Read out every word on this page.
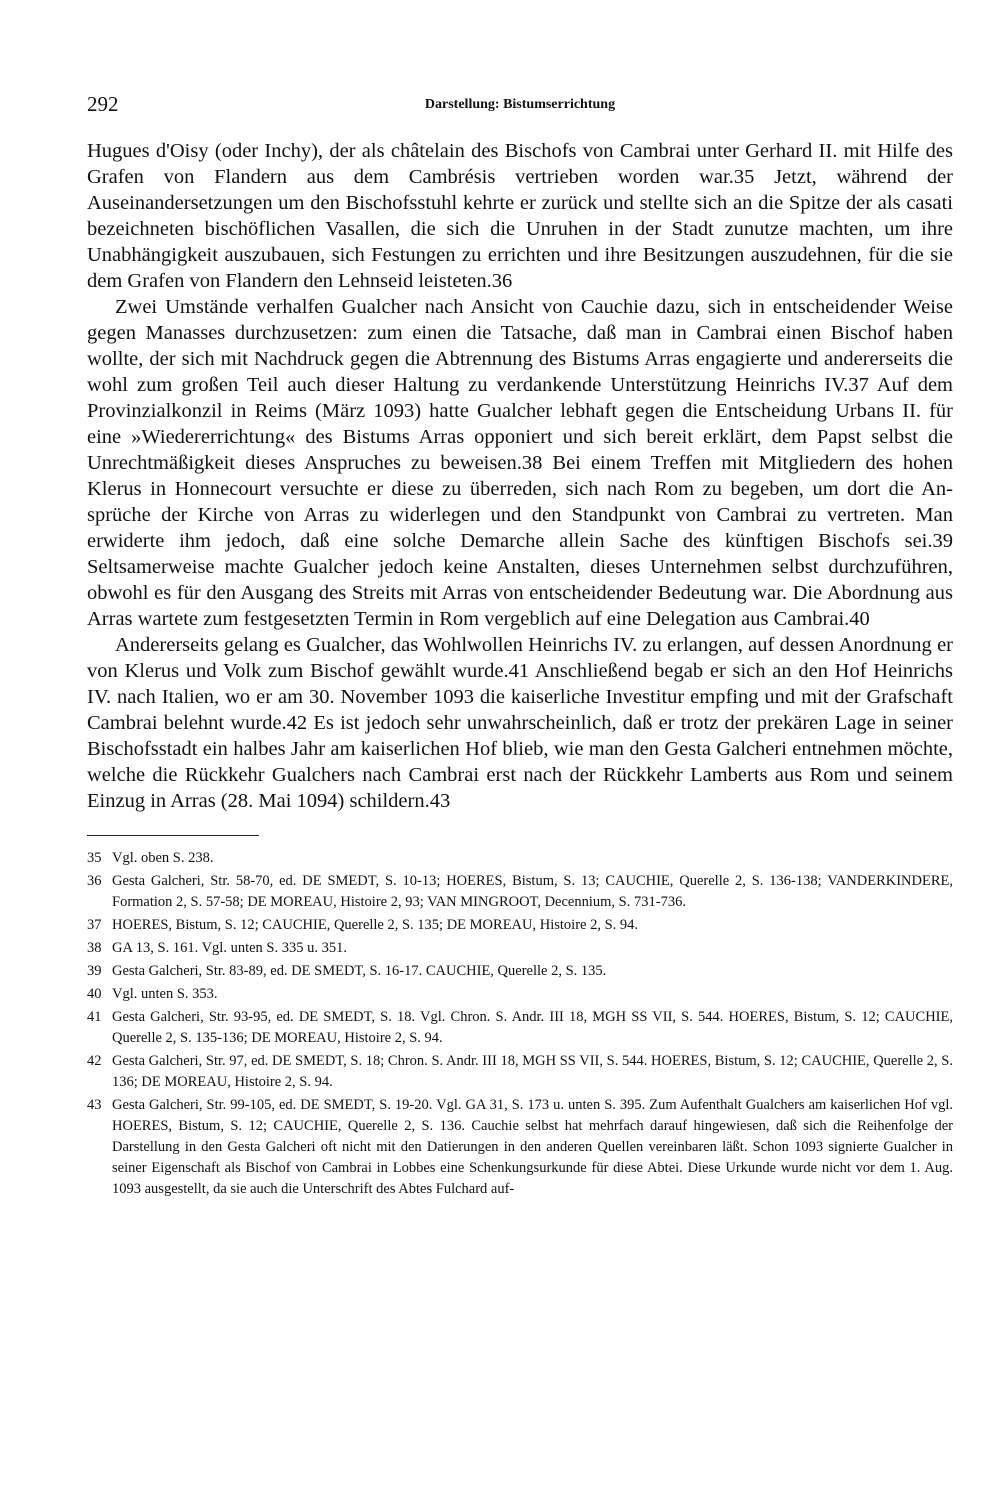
292	Darstellung: Bistumserrichtung

Hugues d'Oisy (oder Inchy), der als châtelain des Bischofs von Cambrai unter Gerhard II. mit Hilfe des Grafen von Flandern aus dem Cambrésis vertrieben worden war.35 Jetzt, während der Auseinandersetzungen um den Bischofsstuhl kehrte er zurück und stellte sich an die Spitze der als casati bezeichneten bischöflichen Vasallen, die sich die Unruhen in der Stadt zunutze machten, um ihre Unabhängigkeit auszubauen, sich Festungen zu errichten und ihre Besitzungen auszudehnen, für die sie dem Grafen von Flandern den Lehnseid leisteten.36

Zwei Umstände verhalfen Gualcher nach Ansicht von Cauchie dazu, sich in entscheidender Weise gegen Manasses durchzusetzen: zum einen die Tatsache, daß man in Cambrai einen Bischof haben wollte, der sich mit Nachdruck gegen die Abtrennung des Bistums Arras engagierte und andererseits die wohl zum großen Teil auch dieser Haltung zu verdankende Unterstützung Heinrichs IV.37 Auf dem Provinzialkonzil in Reims (März 1093) hatte Gualcher lebhaft gegen die Entscheidung Urbans II. für eine »Wiedererrichtung« des Bistums Arras opponiert und sich bereit erklärt, dem Papst selbst die Unrechtmäßigkeit dieses Anspruches zu beweisen.38 Bei einem Treffen mit Mitgliedern des hohen Klerus in Honnecourt versuchte er diese zu überreden, sich nach Rom zu begeben, um dort die Ansprüche der Kirche von Arras zu widerlegen und den Standpunkt von Cambrai zu vertreten. Man erwiderte ihm jedoch, daß eine solche Demarche allein Sache des künftigen Bischofs sei.39 Seltsamerweise machte Gualcher jedoch keine Anstalten, dieses Unternehmen selbst durchzuführen, obwohl es für den Ausgang des Streits mit Arras von entscheidender Bedeutung war. Die Abordnung aus Arras wartete zum festgesetzten Termin in Rom vergeblich auf eine Delegation aus Cambrai.40

Andererseits gelang es Gualcher, das Wohlwollen Heinrichs IV. zu erlangen, auf dessen Anordnung er von Klerus und Volk zum Bischof gewählt wurde.41 Anschließend begab er sich an den Hof Heinrichs IV. nach Italien, wo er am 30. November 1093 die kaiserliche Investitur empfing und mit der Grafschaft Cambrai belehnt wurde.42 Es ist jedoch sehr unwahrscheinlich, daß er trotz der prekären Lage in seiner Bischofsstadt ein halbes Jahr am kaiserlichen Hof blieb, wie man den Gesta Galcheri entnehmen möchte, welche die Rückkehr Gualchers nach Cambrai erst nach der Rückkehr Lamberts aus Rom und seinem Einzug in Arras (28. Mai 1094) schildern.43

35 Vgl. oben S. 238.
36 Gesta Galcheri, Str. 58-70, ed. DE SMEDT, S. 10-13; HOERES, Bistum, S. 13; CAUCHIE, Querelle 2, S. 136-138; VANDERKINDERE, Formation 2, S. 57-58; DE MOREAU, Histoire 2, 93; VAN MINGROOT, Decennium, S. 731-736.
37 HOERES, Bistum, S. 12; CAUCHIE, Querelle 2, S. 135; DE MOREAU, Histoire 2, S. 94.
38 GA 13, S. 161. Vgl. unten S. 335 u. 351.
39 Gesta Galcheri, Str. 83-89, ed. DE SMEDT, S. 16-17. CAUCHIE, Querelle 2, S. 135.
40 Vgl. unten S. 353.
41 Gesta Galcheri, Str. 93-95, ed. DE SMEDT, S. 18. Vgl. Chron. S. Andr. III 18, MGH SS VII, S. 544. HOERES, Bistum, S. 12; CAUCHIE, Querelle 2, S. 135-136; DE MOREAU, Histoire 2, S. 94.
42 Gesta Galcheri, Str. 97, ed. DE SMEDT, S. 18; Chron. S. Andr. III 18, MGH SS VII, S. 544. HOERES, Bistum, S. 12; CAUCHIE, Querelle 2, S. 136; DE MOREAU, Histoire 2, S. 94.
43 Gesta Galcheri, Str. 99-105, ed. DE SMEDT, S. 19-20. Vgl. GA 31, S. 173 u. unten S. 395. Zum Aufenthalt Gualchers am kaiserlichen Hof vgl. HOERES, Bistum, S. 12; CAUCHIE, Querelle 2, S. 136. Cauchie selbst hat mehrfach darauf hingewiesen, daß sich die Reihenfolge der Darstellung in den Gesta Galcheri oft nicht mit den Datierungen in den anderen Quellen vereinbaren läßt. Schon 1093 signierte Gualcher in seiner Eigenschaft als Bischof von Cambrai in Lobbes eine Schenkungsurkunde für diese Abtei. Diese Urkunde wurde nicht vor dem 1. Aug. 1093 ausgestellt, da sie auch die Unterschrift des Abtes Fulchard auf-
